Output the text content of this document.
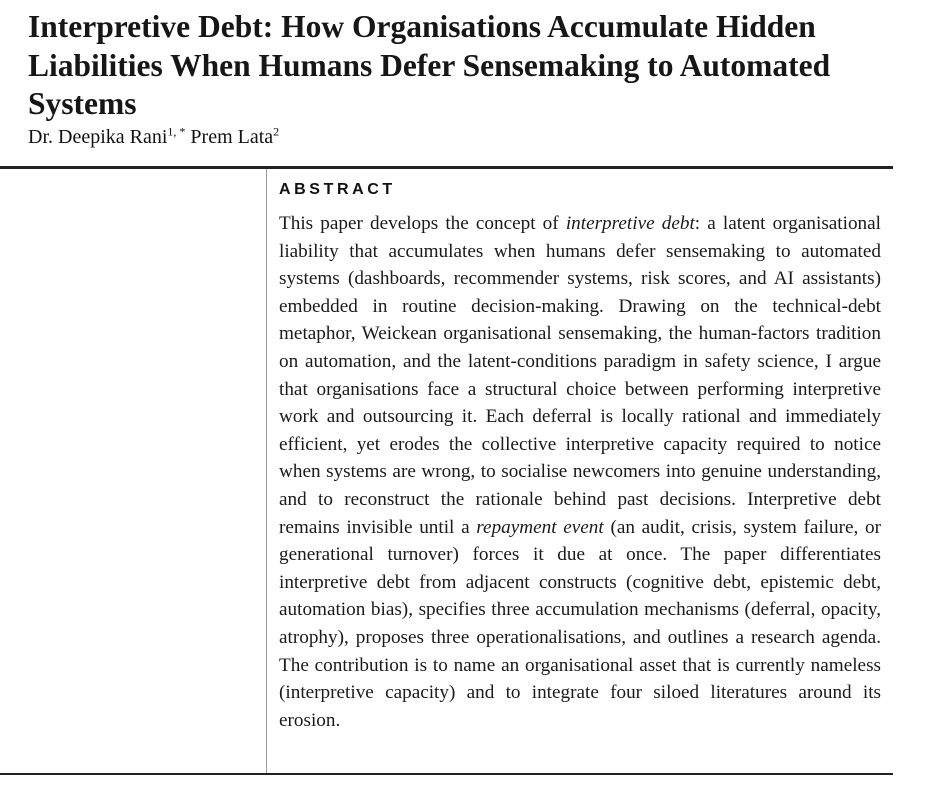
Interpretive Debt: How Organisations Accumulate Hidden Liabilities When Humans Defer Sensemaking to Automated Systems
Dr. Deepika Rani$^{1, *}$ Prem Lata$^2$
ABSTRACT
This paper develops the concept of interpretive debt: a latent organisational liability that accumulates when humans defer sensemaking to automated systems (dashboards, recommender systems, risk scores, and AI assistants) embedded in routine decision-making. Drawing on the technical-debt metaphor, Weickean organisational sensemaking, the human-factors tradition on automation, and the latent-conditions paradigm in safety science, I argue that organisations face a structural choice between performing interpretive work and outsourcing it. Each deferral is locally rational and immediately efficient, yet erodes the collective interpretive capacity required to notice when systems are wrong, to socialise newcomers into genuine understanding, and to reconstruct the rationale behind past decisions. Interpretive debt remains invisible until a repayment event (an audit, crisis, system failure, or generational turnover) forces it due at once. The paper differentiates interpretive debt from adjacent constructs (cognitive debt, epistemic debt, automation bias), specifies three accumulation mechanisms (deferral, opacity, atrophy), proposes three operationalisations, and outlines a research agenda. The contribution is to name an organisational asset that is currently nameless (interpretive capacity) and to integrate four siloed literatures around its erosion.
